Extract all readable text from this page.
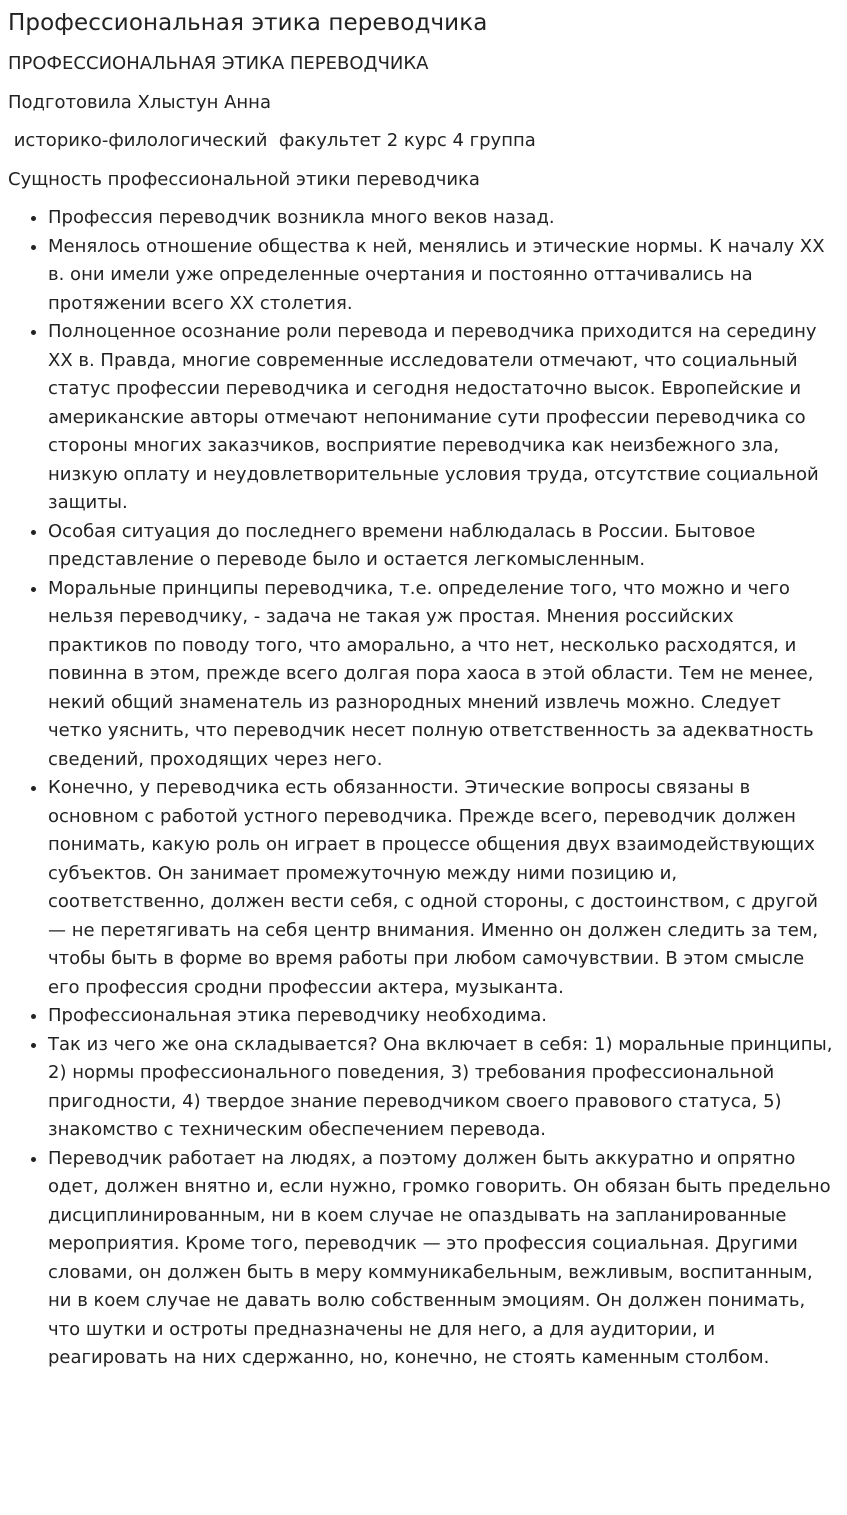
Профессиональная этика переводчика

ПРОФЕССИОНАЛЬНАЯ ЭТИКА ПЕРЕВОДЧИКА

Подготовила Хлыстун Анна

историко-филологический  факультет 2 курс 4 группа

Сущность профессиональной этики переводчика

• Профессия переводчик возникла много веков назад.
• Менялось отношение общества к ней, менялись и этические нормы. К началу XX в. они имели уже определенные очертания и постоянно оттачивались на протяжении всего XX столетия.
• Полноценное осознание роли перевода и переводчика приходится на середину XX в. Правда, многие современные исследователи отмечают, что социальный статус профессии переводчика и сегодня недостаточно высок. Европейские и американские авторы отмечают непонимание сути профессии переводчика со стороны многих заказчиков, восприятие переводчика как неизбежного зла, низкую оплату и неудовлетворительные условия труда, отсутствие социальной защиты.
• Особая ситуация до последнего времени наблюдалась в России. Бытовое представление о переводе было и остается легкомысленным.
• Моральные принципы переводчика, т.е. определение того, что можно и чего нельзя переводчику, - задача не такая уж простая. Мнения российских практиков по поводу того, что аморально, а что нет, несколько расходятся, и повинна в этом, прежде всего долгая пора хаоса в этой области. Тем не менее, некий общий знаменатель из разнородных мнений извлечь можно. Следует четко уяснить, что переводчик несет полную ответственность за адекватность сведений, проходящих через него.
• Конечно, у переводчика есть обязанности. Этические вопросы связаны в основном с работой устного переводчика. Прежде всего, переводчик должен понимать, какую роль он играет в процессе общения двух взаимодействующих субъектов. Он занимает промежуточную между ними позицию и, соответственно, должен вести себя, с одной стороны, с достоинством, с другой — не перетягивать на себя центр внимания. Именно он должен следить за тем, чтобы быть в форме во время работы при любом самочувствии. В этом смысле его профессия сродни профессии актера, музыканта.
• Профессиональная этика переводчику необходима.
• Так из чего же она складывается? Она включает в себя: 1) моральные принципы, 2) нормы профессионального поведения, 3) требования профессиональной пригодности, 4) твердое знание переводчиком своего правового статуса, 5) знакомство с техническим обеспечением перевода.
• Переводчик работает на людях, а поэтому должен быть аккуратно и опрятно одет, должен внятно и, если нужно, громко говорить. Он обязан быть предельно дисциплинированным, ни в коем случае не опаздывать на запланированные мероприятия. Кроме того, переводчик — это профессия социальная. Другими словами, он должен быть в меру коммуникабельным, вежливым, воспитанным, ни в коем случае не давать волю собственным эмоциям. Он должен понимать, что шутки и остроты предназначены не для него, а для аудитории, и реагировать на них сдержанно, но, конечно, не стоять каменным столбом.
